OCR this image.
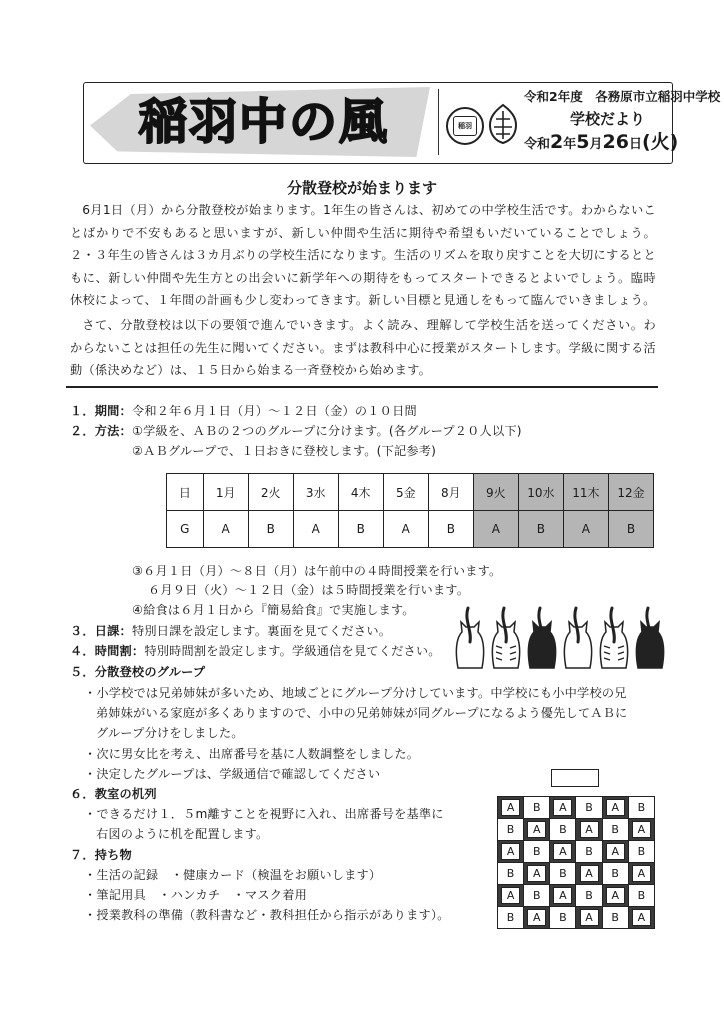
稲羽中の風	稲羽
令和2年度　各務原市立稲羽中学校
学校だより
令和2年5月26日(火)
分散登校が始まります
6月1日（月）から分散登校が始まります。1年生の皆さんは、初めての中学校生活です。わからないことばかりで不安もあると思いますが、新しい仲間や生活に期待や希望もいだいていることでしょう。２・３年生の皆さんは３カ月ぶりの学校生活になります。生活のリズムを取り戻すことを大切にするとともに、新しい仲間や先生方との出会いに新学年への期待をもってスタートできるとよいでしょう。臨時休校によって、１年間の計画も少し変わってきます。新しい目標と見通しをもって臨んでいきましょう。
さて、分散登校は以下の要領で進んでいきます。よく読み、理解して学校生活を送ってください。わからないことは担任の先生に聞いてください。まずは教科中心に授業がスタートします。学級に関する活動（係決めなど）は、１５日から始まる一斉登校から始めます。
１．期間：令和２年６月１日（月）～１２日（金）の１０日間
２．方法：①学級を、ＡＢの２つのグループに分けます。(各グループ２０人以下)
②ＡＢグループで、１日おきに登校します。(下記参考)
日	1月	2火	3水	4木	5金	8月	9火	10水	11木	12金
G	A	B	A	B	A	B	A	B	A	B
③６月１日（月）～８日（月）は午前中の４時間授業を行います。
６月９日（火）～１２日（金）は５時間授業を行います。
④給食は６月１日から『簡易給食』で実施します。
３．日課：特別日課を設定します。裏面を見てください。
４．時間割：特別時間割を設定します。学級通信を見てください。
５．分散登校のグループ
・小学校では兄弟姉妹が多いため、地域ごとにグループ分けしています。中学校にも小中学校の兄
弟姉妹がいる家庭が多くありますので、小中の兄弟姉妹が同グループになるよう優先してＡＢに
グループ分けをしました。
・次に男女比を考え、出席番号を基に人数調整をしました。
・決定したグループは、学級通信で確認してください
６．教室の机列
・できるだけ１．５m離すことを視野に入れ、出席番号を基準に
右図のように机を配置します。
７．持ち物
・生活の記録　・健康カード（検温をお願いします）
・筆記用具　・ハンカチ　・マスク着用
・授業教科の準備（教科書など・教科担任から指示があります）。
A	B	A	B	A	B
B	A	B	A	B	A
A	B	A	B	A	B
B	A	B	A	B	A
A	B	A	B	A	B
B	A	B	A	B	A
